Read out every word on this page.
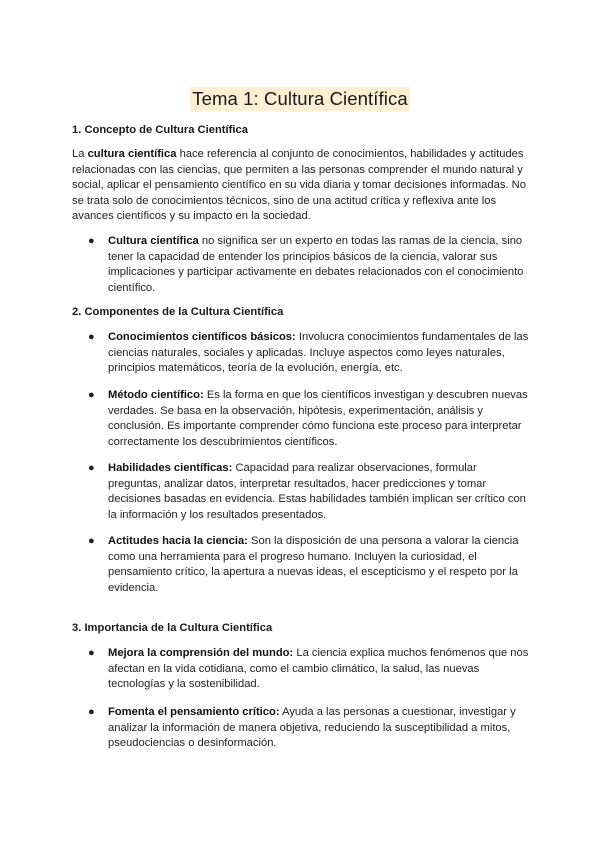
Tema 1: Cultura Científica

1. Concepto de Cultura Científica

La cultura científica hace referencia al conjunto de conocimientos, habilidades y actitudes relacionadas con las ciencias, que permiten a las personas comprender el mundo natural y social, aplicar el pensamiento científico en su vida diaria y tomar decisiones informadas. No se trata solo de conocimientos técnicos, sino de una actitud crítica y reflexiva ante los avances científicos y su impacto en la sociedad.

● Cultura científica no significa ser un experto en todas las ramas de la ciencia, sino tener la capacidad de entender los principios básicos de la ciencia, valorar sus implicaciones y participar activamente en debates relacionados con el conocimiento científico.

2. Componentes de la Cultura Científica

● Conocimientos científicos básicos: Involucra conocimientos fundamentales de las ciencias naturales, sociales y aplicadas. Incluye aspectos como leyes naturales, principios matemáticos, teoría de la evolución, energía, etc.
● Método científico: Es la forma en que los científicos investigan y descubren nuevas verdades. Se basa en la observación, hipótesis, experimentación, análisis y conclusión. Es importante comprender cómo funciona este proceso para interpretar correctamente los descubrimientos científicos.
● Habilidades científicas: Capacidad para realizar observaciones, formular preguntas, analizar datos, interpretar resultados, hacer predicciones y tomar decisiones basadas en evidencia. Estas habilidades también implican ser crítico con la información y los resultados presentados.
● Actitudes hacia la ciencia: Son la disposición de una persona a valorar la ciencia como una herramienta para el progreso humano. Incluyen la curiosidad, el pensamiento crítico, la apertura a nuevas ideas, el escepticismo y el respeto por la evidencia.

3. Importancia de la Cultura Científica

● Mejora la comprensión del mundo: La ciencia explica muchos fenómenos que nos afectan en la vida cotidiana, como el cambio climático, la salud, las nuevas tecnologías y la sostenibilidad.
● Fomenta el pensamiento crítico: Ayuda a las personas a cuestionar, investigar y analizar la información de manera objetiva, reduciendo la susceptibilidad a mitos, pseudociencias o desinformación.
